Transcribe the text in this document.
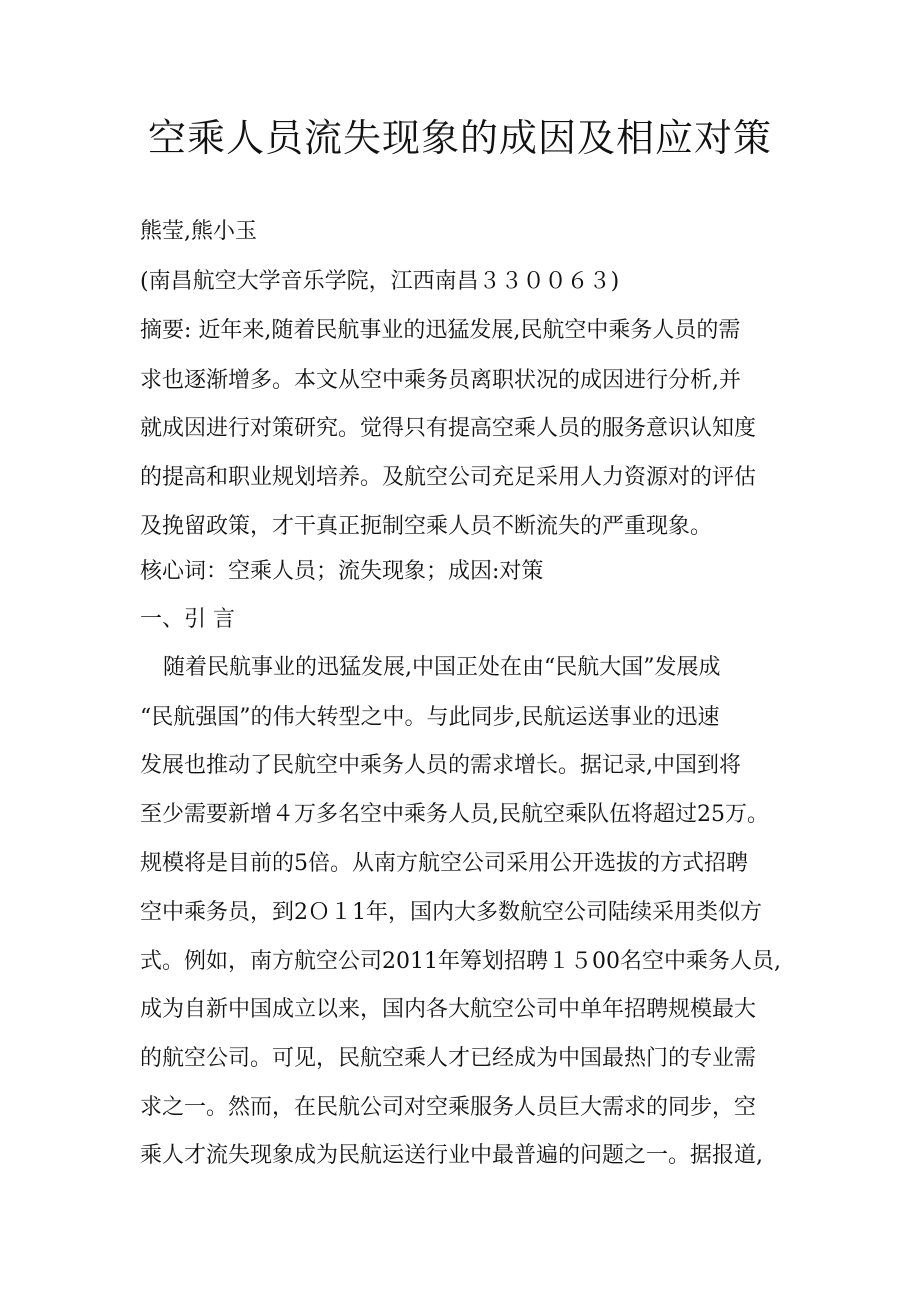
空乘人员流失现象的成因及相应对策
熊莹,熊小玉
(南昌航空大学音乐学院，江西南昌３３００６３)
摘要: 近年来,随着民航事业的迅猛发展,民航空中乘务人员的需
求也逐渐增多。本文从空中乘务员离职状况的成因进行分析,并
就成因进行对策研究。觉得只有提高空乘人员的服务意识认知度
的提高和职业规划培养。及航空公司充足采用人力资源对的评估
及挽留政策，才干真正扼制空乘人员不断流失的严重现象。
核心词：空乘人员；流失现象；成因:对策
一、引 言
随着民航事业的迅猛发展,中国正处在由“民航大国”发展成
“民航强国”的伟大转型之中。与此同步,民航运送事业的迅速
发展也推动了民航空中乘务人员的需求增长。据记录,中国到将
至少需要新增４万多名空中乘务人员,民航空乘队伍将超过25万。
规模将是目前的5倍。从南方航空公司采用公开选拔的方式招聘
空中乘务员，到2Ｏ１1年，国内大多数航空公司陆续采用类似方
式。例如，南方航空公司2011年筹划招聘１５00名空中乘务人员,
成为自新中国成立以来，国内各大航空公司中单年招聘规模最大
的航空公司。可见，民航空乘人才已经成为中国最热门的专业需
求之一。然而，在民航公司对空乘服务人员巨大需求的同步，空
乘人才流失现象成为民航运送行业中最普遍的问题之一。据报道,
